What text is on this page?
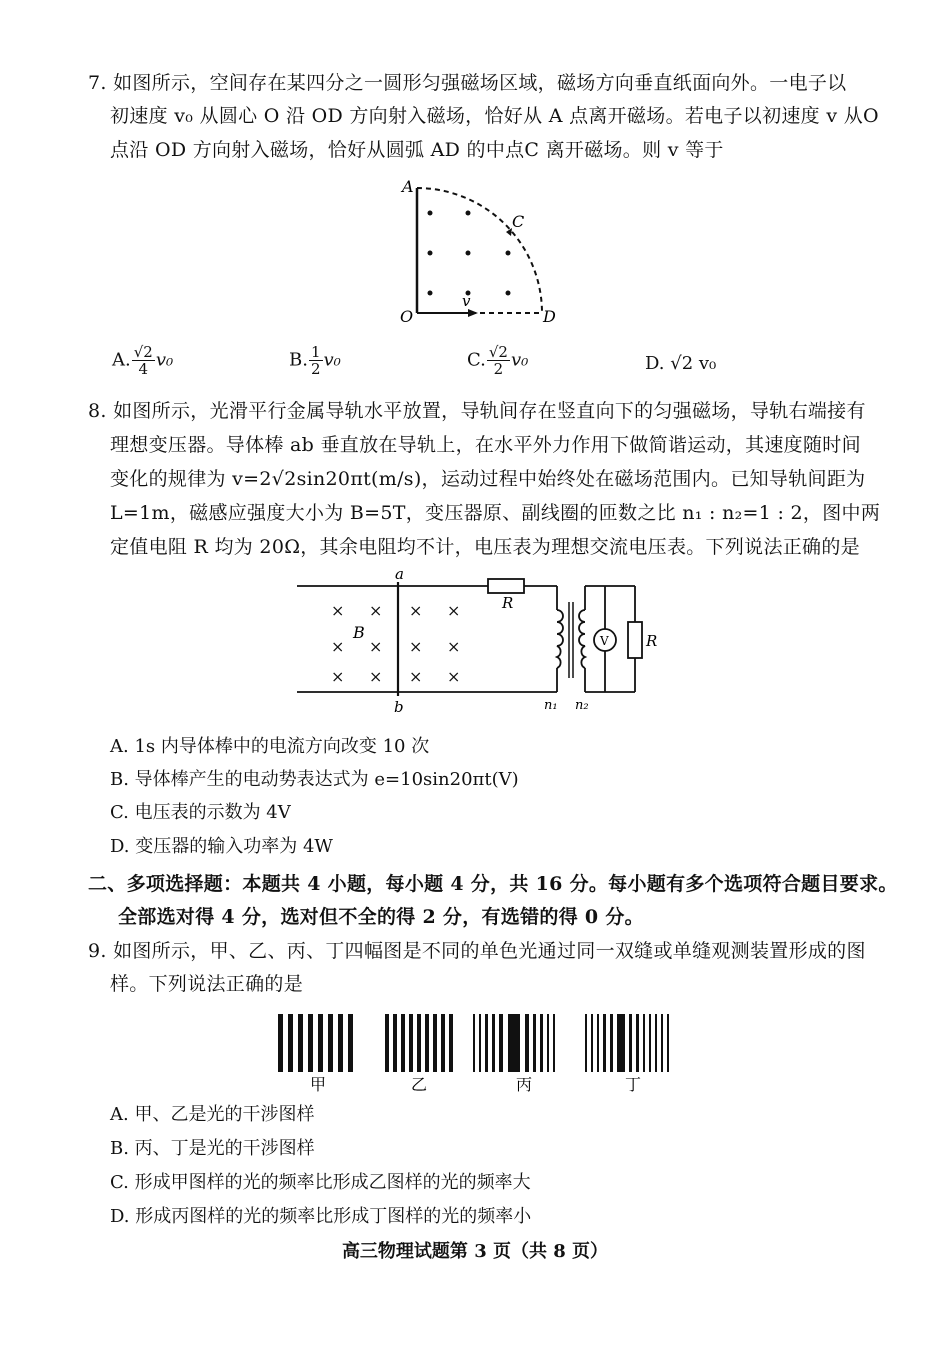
7. 如图所示，空间存在某四分之一圆形匀强磁场区域，磁场方向垂直纸面向外。一电子以
初速度 v₀ 从圆心 O 沿 OD 方向射入磁场，恰好从 A 点离开磁场。若电子以初速度 v 从O
点沿 OD 方向射入磁场，恰好从圆弧 AD 的中点C 离开磁场。则 v 等于
A
C
O	D
v
A. $\frac{√2}{4} v_0$	B. $\frac{1}{2} v_0$	C. $\frac{√2}{2} v_0$	D. √2 v₀
8. 如图所示，光滑平行金属导轨水平放置，导轨间存在竖直向下的匀强磁场，导轨右端接有
理想变压器。导体棒 ab 垂直放在导轨上，在水平外力作用下做简谐运动，其速度随时间
变化的规律为 v=2√2sin20πt(m/s)，运动过程中始终处在磁场范围内。已知导轨间距为
L=1m，磁感应强度大小为 B=5T，变压器原、副线圈的匝数之比 n₁ : n₂=1 : 2，图中两
定值电阻 R 均为 20Ω，其余电阻均不计，电压表为理想交流电压表。下列说法正确的是
× × × ×
× × × ×
× × × ×
a
b
B
R
R
V
n₁ n₂
A. 1s 内导体棒中的电流方向改变 10 次
B. 导体棒产生的电动势表达式为 e=10sin20πt(V)
C. 电压表的示数为 4V
D. 变压器的输入功率为 4W
二、多项选择题：本题共 4 小题，每小题 4 分，共 16 分。每小题有多个选项符合题目要求。
全部选对得 4 分，选对但不全的得 2 分，有选错的得 0 分。
9. 如图所示，甲、乙、丙、丁四幅图是不同的单色光通过同一双缝或单缝观测装置形成的图
样。下列说法正确的是
甲	乙	丙	丁
A. 甲、乙是光的干涉图样
B. 丙、丁是光的干涉图样
C. 形成甲图样的光的频率比形成乙图样的光的频率大
D. 形成丙图样的光的频率比形成丁图样的光的频率小
高三物理试题第 3 页（共 8 页）
